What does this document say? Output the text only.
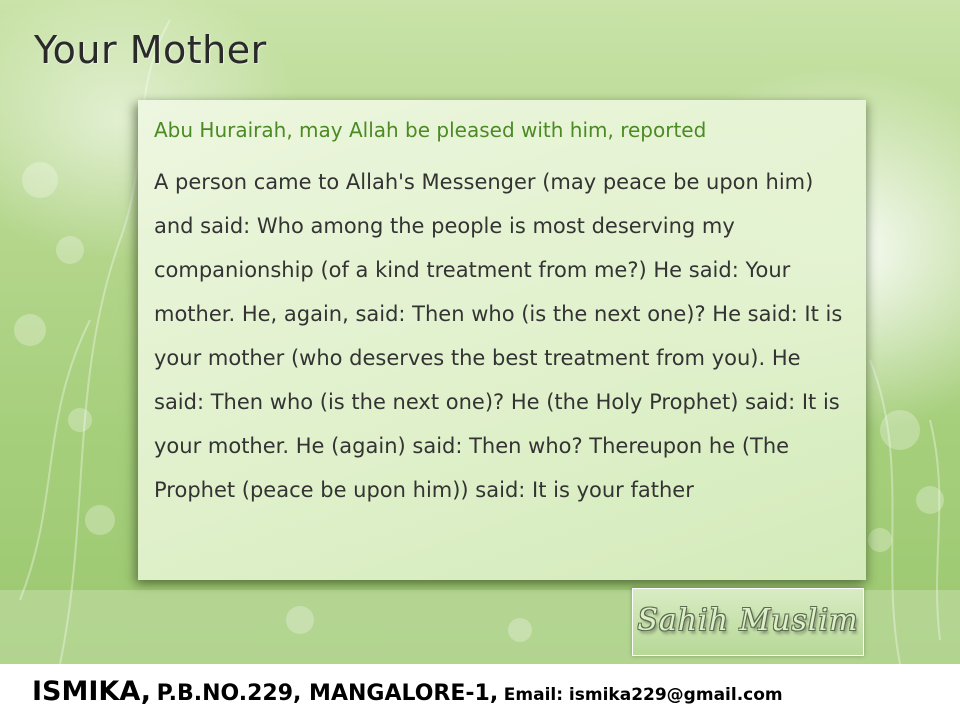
Your Mother

Abu Hurairah, may Allah be pleased with him, reported

A person came to Allah's Messenger (may peace be upon him) and said: Who among the people is most deserving my companionship (of a kind treatment from me?) He said: Your mother. He, again, said: Then who (is the next one)? He said: It is your mother (who deserves the best treatment from you). He said: Then who (is the next one)? He (the Holy Prophet) said: It is your mother. He (again) said: Then who? Thereupon he (The Prophet (peace be upon him)) said: It is your father

Sahih Muslim

ISMIKA, P.B.NO.229, MANGALORE-1, Email: ismika229@gmail.com
